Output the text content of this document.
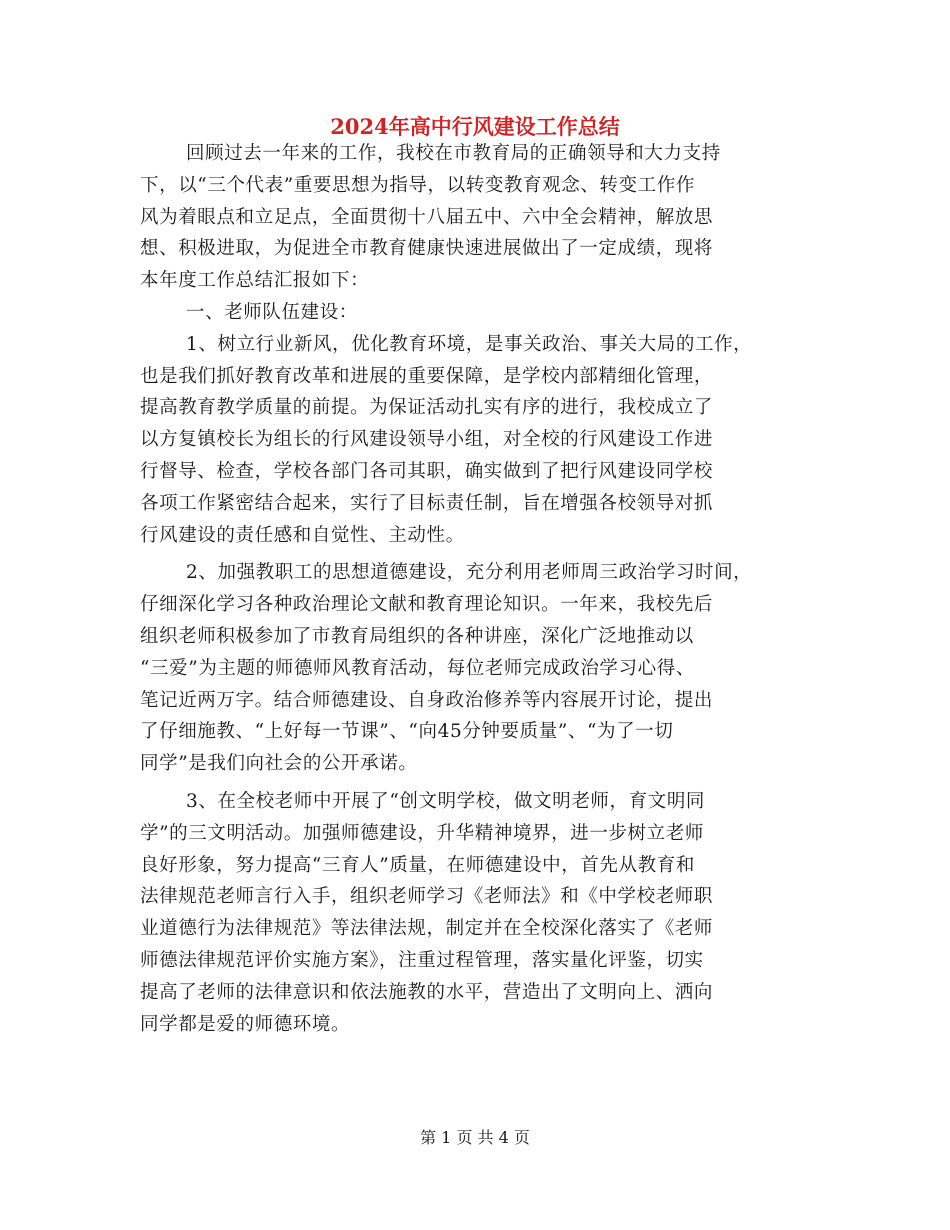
2024年高中行风建设工作总结
回顾过去一年来的工作，我校在市教育局的正确领导和大力支持
下，以“三个代表”重要思想为指导，以转变教育观念、转变工作作
风为着眼点和立足点，全面贯彻十八届五中、六中全会精神，解放思
想、积极进取，为促进全市教育健康快速进展做出了一定成绩，现将
本年度工作总结汇报如下：
一、老师队伍建设：
1、树立行业新风，优化教育环境，是事关政治、事关大局的工作，
也是我们抓好教育改革和进展的重要保障，是学校内部精细化管理，
提高教育教学质量的前提。为保证活动扎实有序的进行，我校成立了
以方复镇校长为组长的行风建设领导小组，对全校的行风建设工作进
行督导、检查，学校各部门各司其职，确实做到了把行风建设同学校
各项工作紧密结合起来，实行了目标责任制，旨在增强各校领导对抓
行风建设的责任感和自觉性、主动性。
2、加强教职工的思想道德建设，充分利用老师周三政治学习时间，
仔细深化学习各种政治理论文献和教育理论知识。一年来，我校先后
组织老师积极参加了市教育局组织的各种讲座，深化广泛地推动以
“三爱”为主题的师德师风教育活动，每位老师完成政治学习心得、
笔记近两万字。结合师德建设、自身政治修养等内容展开讨论，提出
了仔细施教、“上好每一节课”、“向45分钟要质量”、“为了一切
同学”是我们向社会的公开承诺。
3、在全校老师中开展了“创文明学校，做文明老师，育文明同
学”的三文明活动。加强师德建设，升华精神境界，进一步树立老师
良好形象，努力提高“三育人”质量，在师德建设中，首先从教育和
法律规范老师言行入手，组织老师学习《老师法》和《中学校老师职
业道德行为法律规范》等法律法规，制定并在全校深化落实了《老师
师德法律规范评价实施方案》，注重过程管理，落实量化评鉴，切实
提高了老师的法律意识和依法施教的水平，营造出了文明向上、洒向
同学都是爱的师德环境。
第 1 页 共 4 页
